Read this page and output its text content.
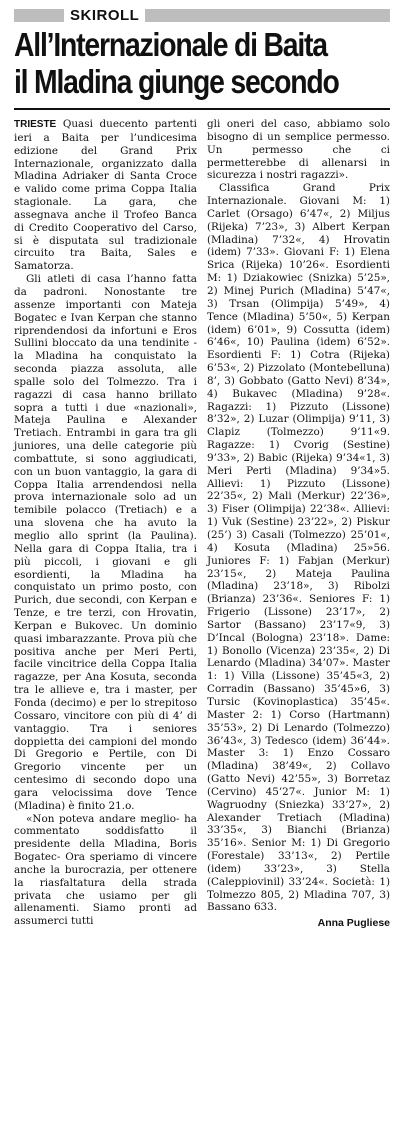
SKIROLL
All’Internazionale di Baita
il Mladina giunge secondo

TRIESTE Quasi duecento partenti ieri a Baita per l’undicesima edizione del Grand Prix Internazionale, organizzato dalla Mladina Adriaker di Santa Croce e valido come prima Coppa Italia stagionale. La gara, che assegnava anche il Trofeo Banca di Credito Cooperativo del Carso, si è disputata sul tradizionale circuito tra Baita, Sales e Samatorza.

Gli atleti di casa l’hanno fatta da padroni. Nonostante tre assenze importanti con Mateja Bogatec e Ivan Kerpan che stanno riprendendosi da infortuni e Eros Sullini bloccato da una tendinite - la Mladina ha conquistato la seconda piazza assoluta, alle spalle solo del Tolmezzo. Tra i ragazzi di casa hanno brillato sopra a tutti i due «nazionali», Mateja Paulina e Alexander Tretiach. Entrambi in gara tra gli juniores, una delle categorie più combattute, si sono aggiudicati, con un buon vantaggio, la gara di Coppa Italia arrendendosi nella prova internazionale solo ad un temibile polacco (Tretiach) e a una slovena che ha avuto la meglio allo sprint (la Paulina). Nella gara di Coppa Italia, tra i più piccoli, i giovani e gli esordienti, la Mladina ha conquistato un primo posto, con Purich, due secondi, con Kerpan e Tenze, e tre terzi, con Hrovatin, Kerpan e Bukovec. Un dominio quasi imbarazzante. Prova più che positiva anche per Meri Perti, facile vincitrice della Coppa Italia ragazze, per Ana Kosuta, seconda tra le allieve e, tra i master, per Fonda (decimo) e per lo strepitoso Cossaro, vincitore con più di 4’ di vantaggio. Tra i seniores doppietta dei campioni del mondo Di Gregorio e Pertile, con Di Gregorio vincente per un centesimo di secondo dopo una gara velocissima dove Tence (Mladina) è finito 21.o.

«Non poteva andare meglio- ha commentato soddisfatto il presidente della Mladina, Boris Bogatec- Ora speriamo di vincere anche la burocrazia, per ottenere la riasfaltatura della strada privata che usiamo per gli allenamenti. Siamo pronti ad assumerci tutti

gli oneri del caso, abbiamo solo bisogno di un semplice permesso. Un permesso che ci permetterebbe di allenarsi in sicurezza i nostri ragazzi».

Classifica Grand Prix Internazionale. Giovani M: 1) Carlet (Orsago) 6’47«, 2) Miljus (Rijeka) 7’23», 3) Albert Kerpan (Mladina) 7’32«, 4) Hrovatin (idem) 7’33». Giovani F: 1) Elena Srica (Rijeka) 10’26«. Esordienti M: 1) Dziakowiec (Snizka) 5’25», 2) Minej Purich (Mladina) 5’47«, 3) Trsan (Olimpija) 5’49», 4) Tence (Mladina) 5’50«, 5) Kerpan (idem) 6’01», 9) Cossutta (idem) 6’46«, 10) Paulina (idem) 6’52». Esordienti F: 1) Cotra (Rijeka) 6’53«, 2) Pizzolato (Montebelluna) 8’, 3) Gobbato (Gatto Nevi) 8’34», 4) Bukavec (Mladina) 9’28«. Ragazzi: 1) Pizzuto (Lissone) 8’32», 2) Luzar (Olimpija) 9’11, 3) Clapiz (Tolmezzo) 9’11«9. Ragazze: 1) Cvorig (Sestine) 9’33», 2) Babic (Rijeka) 9’34«1, 3) Meri Perti (Mladina) 9’34»5. Allievi: 1) Pizzuto (Lissone) 22’35«, 2) Mali (Merkur) 22’36», 3) Fiser (Olimpija) 22’38«. Allievi: 1) Vuk (Sestine) 23’22», 2) Piskur (25’) 3) Casali (Tolmezzo) 25’01«, 4) Kosuta (Mladina) 25»56. Juniores F: 1) Fabjan (Merkur) 23’15«, 2) Mateja Paulina (Mladina) 23’18», 3) Ribolzi (Brianza) 23’36«. Seniores F: 1) Frigerio (Lissone) 23’17», 2) Sartor (Bassano) 23’17«9, 3) D’Incal (Bologna) 23’18». Dame: 1) Bonollo (Vicenza) 23’35«, 2) Di Lenardo (Mladina) 34’07». Master 1: 1) Villa (Lissone) 35’45«3, 2) Corradin (Bassano) 35’45»6, 3) Tursic (Kovinoplastica) 35’45«. Master 2: 1) Corso (Hartmann) 35’53», 2) Di Lenardo (Tolmezzo) 36’43«, 3) Tedesco (idem) 36’44». Master 3: 1) Enzo Cossaro (Mladina) 38’49«, 2) Collavo (Gatto Nevi) 42’55», 3) Borretaz (Cervino) 45’27«. Junior M: 1) Wagruodny (Sniezka) 33’27», 2) Alexander Tretiach (Mladina) 33’35«, 3) Bianchi (Brianza) 35’16». Senior M: 1) Di Gregorio (Forestale) 33’13«, 2) Pertile (idem) 33’23», 3) Stella (Caleppiovinil) 33’24«. Società: 1) Tolmezzo 805, 2) Mladina 707, 3) Bassano 633.

Anna Pugliese
